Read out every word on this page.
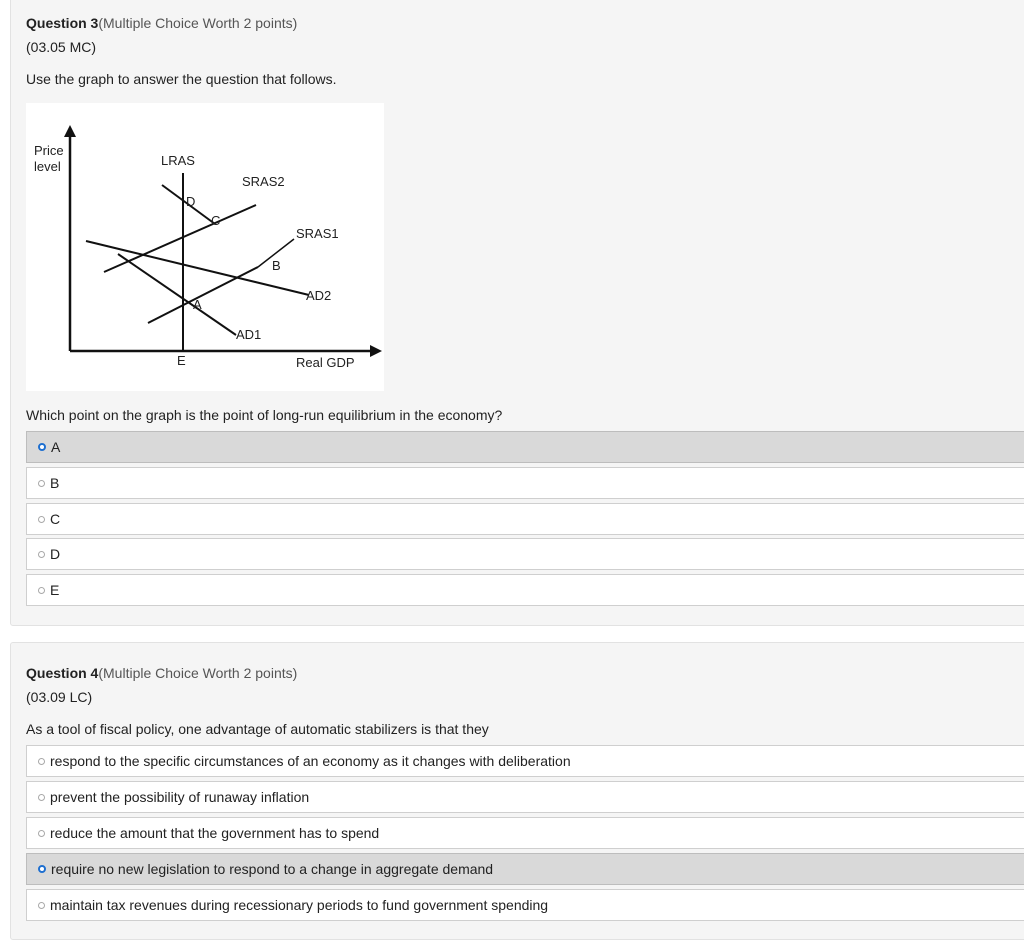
Question 3(Multiple Choice Worth 2 points)
(03.05 MC)
Use the graph to answer the question that follows.
Price
level
Real GDP
LRAS
SRAS2
SRAS1
AD2
AD1
A
B
C
D
E
Which point on the graph is the point of long-run equilibrium in the economy?
A
B
C
D
E
Question 4(Multiple Choice Worth 2 points)
(03.09 LC)
As a tool of fiscal policy, one advantage of automatic stabilizers is that they
respond to the specific circumstances of an economy as it changes with deliberation
prevent the possibility of runaway inflation
reduce the amount that the government has to spend
require no new legislation to respond to a change in aggregate demand
maintain tax revenues during recessionary periods to fund government spending
